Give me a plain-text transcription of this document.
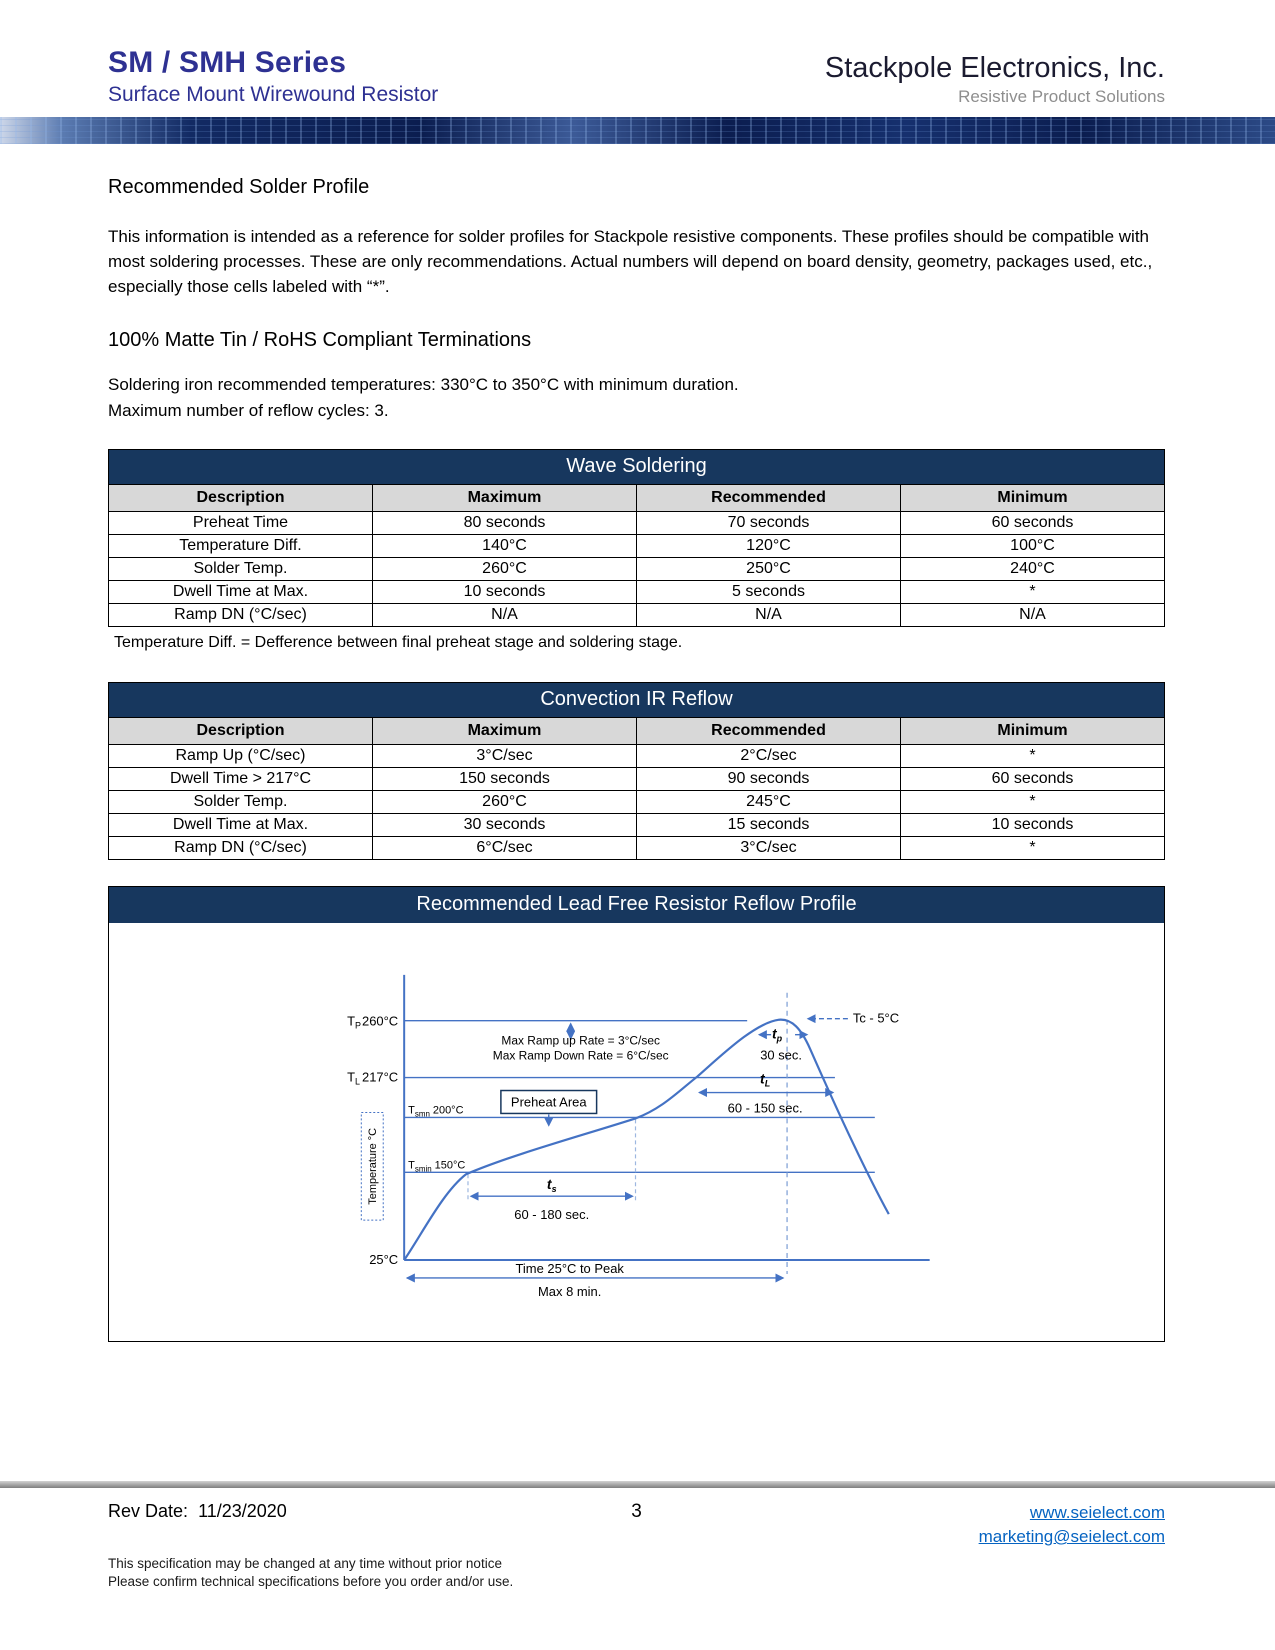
SM / SMH Series
Surface Mount Wirewound Resistor
Stackpole Electronics, Inc.
Resistive Product Solutions
Recommended Solder Profile

This information is intended as a reference for solder profiles for Stackpole resistive components. These profiles should be compatible with most soldering processes. These are only recommendations. Actual numbers will depend on board density, geometry, packages used, etc., especially those cells labeled with “*”.

100% Matte Tin / RoHS Compliant Terminations
Soldering iron recommended temperatures: 330°C to 350°C with minimum duration.
Maximum number of reflow cycles: 3.
Wave Soldering
Description	Maximum	Recommended	Minimum
Preheat Time	80 seconds	70 seconds	60 seconds
Temperature Diff.	140°C	120°C	100°C
Solder Temp.	260°C	250°C	240°C
Dwell Time at Max.	10 seconds	5 seconds	*
Ramp DN (°C/sec)	N/A	N/A	N/A
Temperature Diff. = Defference between final preheat stage and soldering stage.
Convection IR Reflow
Description	Maximum	Recommended	Minimum
Ramp Up (°C/sec)	3°C/sec	2°C/sec	*
Dwell Time > 217°C	150 seconds	90 seconds	60 seconds
Solder Temp.	260°C	245°C	*
Dwell Time at Max.	30 seconds	15 seconds	10 seconds
Ramp DN (°C/sec)	6°C/sec	3°C/sec	*
Recommended Lead Free Resistor Reflow Profile
Preheat Area
Temperature °C
$T_P260^\circ C$
$T_L$ 217°C
$T_{smn}$ 200°C
$T_{smin}$ 150°C
25°C
Max Ramp up Rate = 3°C/sec
Max Ramp Down Rate = 6°C/sec
Tc - 5°C
$t_p$
30 sec.
$t_L$
60 - 150 sec.
$t_s$
60 - 180 sec.
Time 25°C to Peak
Max 8 min.
Rev Date: 11/23/2020	3	www.seielect.com
marketing@seielect.com
This specification may be changed at any time without prior notice
Please confirm technical specifications before you order and/or use.
